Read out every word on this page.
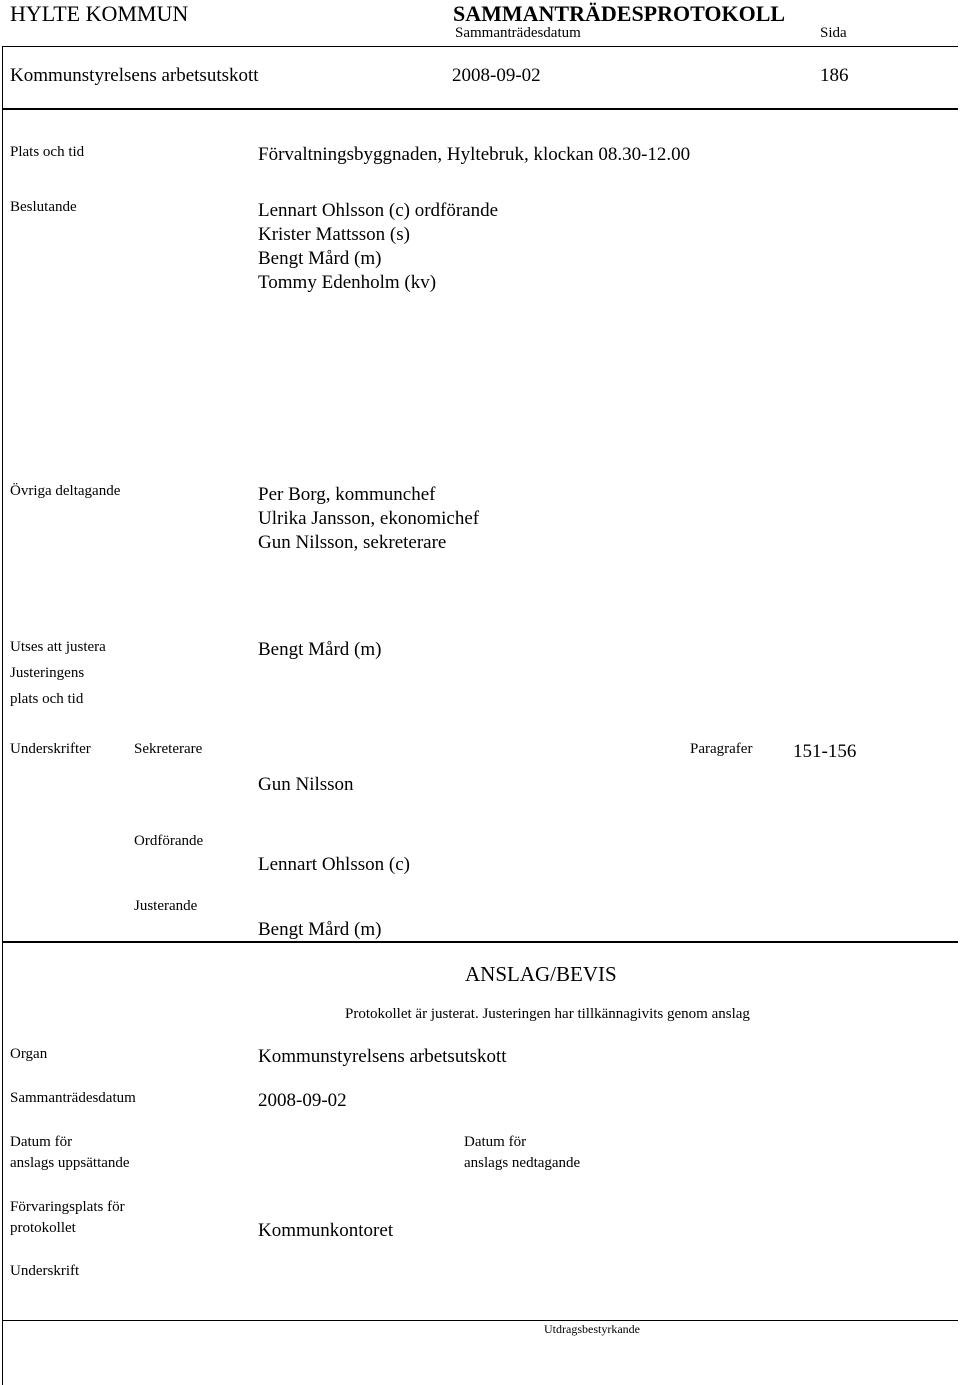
HYLTE KOMMUN	SAMMANTRÄDESPROTOKOLL
Sammanträdesdatum	Sida
Kommunstyrelsens arbetsutskott	2008-09-02	186
Plats och tid	Förvaltningsbyggnaden, Hyltebruk, klockan 08.30-12.00
Beslutande	Lennart Ohlsson (c) ordförande
Krister Mattsson (s)
Bengt Mård (m)
Tommy Edenholm (kv)
Övriga deltagande	Per Borg, kommunchef
Ulrika Jansson, ekonomichef
Gun Nilsson, sekreterare
Utses att justera	Bengt Mård (m)
Justeringens
plats och tid
Underskrifter	Sekreterare	Paragrafer 151-156
Gun Nilsson
Ordförande
Lennart Ohlsson (c)
Justerande
Bengt Mård (m)
ANSLAG/BEVIS
Protokollet är justerat. Justeringen har tillkännagivits genom anslag
Organ	Kommunstyrelsens arbetsutskott
Sammanträdesdatum	2008-09-02
Datum för
anslags uppsättande
Datum för
anslags nedtagande
Förvaringsplats för
protokollet	Kommunkontoret
Underskrift
Utdragsbestyrkande
